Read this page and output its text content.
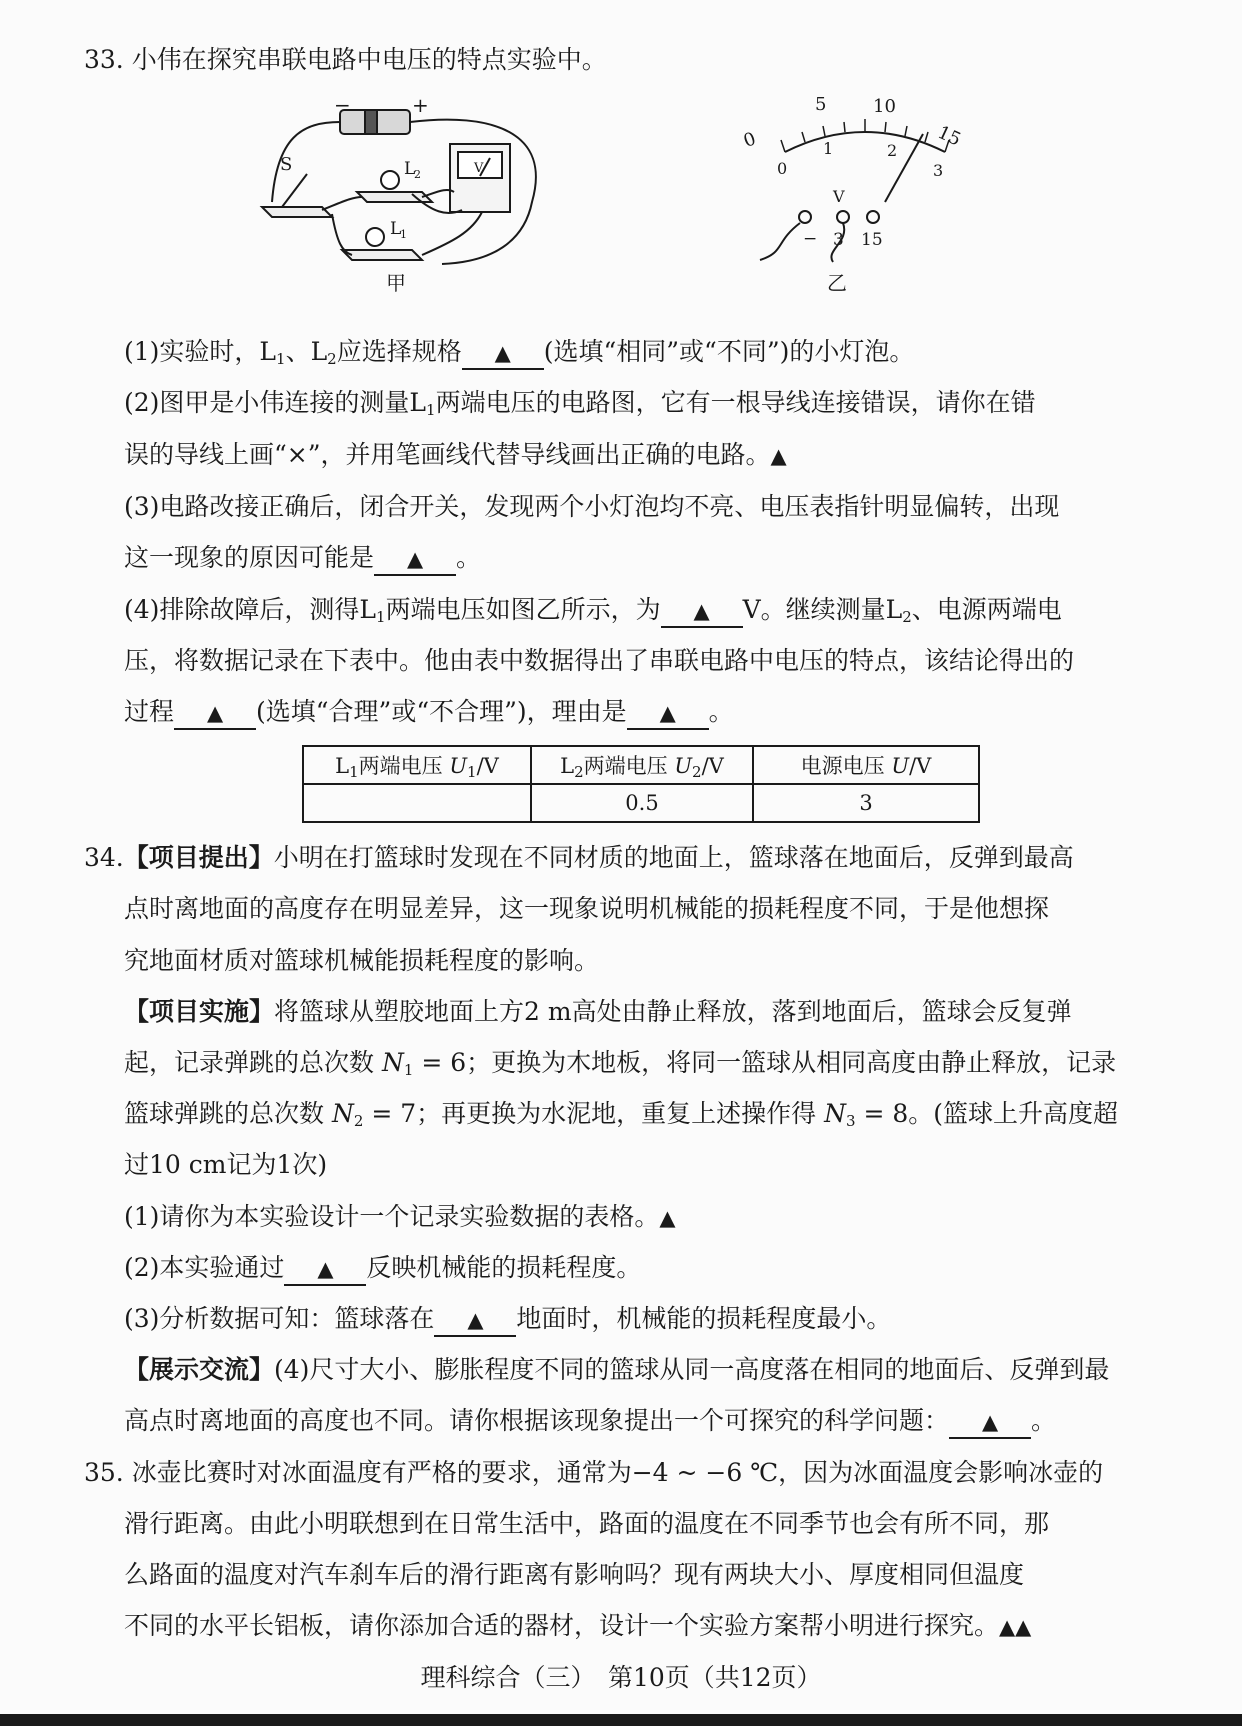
33. 小伟在探究串联电路中电压的特点实验中。
−	+
S	L
2
L
1
V
甲
0
5	10
15
0
1	2
3
V
− 3 15
乙
(1)实验时，$L_1$、$L_2$应选择规格 ▲ (选填“相同”或“不同”)的小灯泡。
(2)图甲是小伟连接的测量$L_1$两端电压的电路图，它有一根导线连接错误，请你在错
误的导线上画“×”，并用笔画线代替导线画出正确的电路。▲
(3)电路改接正确后，闭合开关，发现两个小灯泡均不亮、电压表指针明显偏转，出现
这一现象的原因可能是 ▲ 。
(4)排除故障后，测得$L_1$两端电压如图乙所示，为 ▲ V。继续测量$L_2$、电源两端电
压，将数据记录在下表中。他由表中数据得出了串联电路中电压的特点，该结论得出的
过程 ▲ (选填“合理”或“不合理”)，理由是 ▲ 。
$L_1$两端电压 $U_1/V$	$L_2$两端电压 $U_2/V$	电源电压 U/V
	0.5	3
34.【项目提出】小明在打篮球时发现在不同材质的地面上，篮球落在地面后，反弹到最高
点时离地面的高度存在明显差异，这一现象说明机械能的损耗程度不同，于是他想探
究地面材质对篮球机械能损耗程度的影响。
【项目实施】将篮球从塑胶地面上方2 m高处由静止释放，落到地面后，篮球会反复弹
起，记录弹跳的总次数 $N_1 = 6$；更换为木地板，将同一篮球从相同高度由静止释放，记录
篮球弹跳的总次数 $N_2 = 7$；再更换为水泥地，重复上述操作得 $N_3 = 8$。(篮球上升高度超
过10 cm记为1次)
(1)请你为本实验设计一个记录实验数据的表格。▲
(2)本实验通过 ▲ 反映机械能的损耗程度。
(3)分析数据可知：篮球落在 ▲ 地面时，机械能的损耗程度最小。
【展示交流】(4)尺寸大小、膨胀程度不同的篮球从同一高度落在相同的地面后、反弹到最
高点时离地面的高度也不同。请你根据该现象提出一个可探究的科学问题： ▲ 。
35. 冰壶比赛时对冰面温度有严格的要求，通常为−4 ~ −6 ℃，因为冰面温度会影响冰壶的
滑行距离。由此小明联想到在日常生活中，路面的温度在不同季节也会有所不同，那
么路面的温度对汽车刹车后的滑行距离有影响吗？现有两块大小、厚度相同但温度
不同的水平长铝板，请你添加合适的器材，设计一个实验方案帮小明进行探究。▲▲
理科综合（三）　第10页（共12页）
